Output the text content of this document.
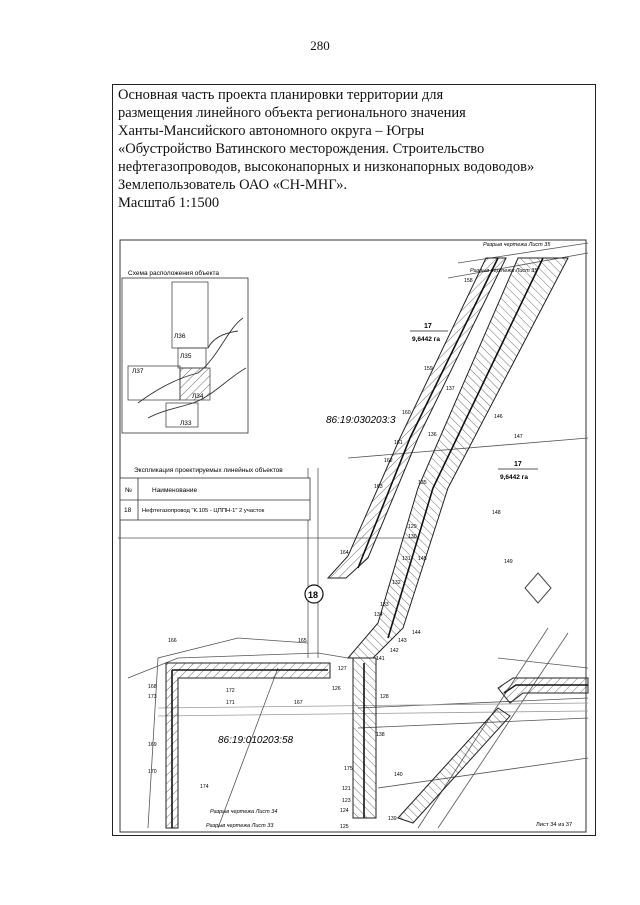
280
Основная часть проекта планировки территории для
размещения линейного объекта регионального значения
Ханты-Мансийского автономного округа – Югры
«Обустройство Ватинского месторождения. Строительство
нефтегазопроводов, высоконапорных и низконапорных водоводов»
Землепользователь ОАО «СН-МНГ».
Масштаб 1:1500
Схема расположения объекта
Л36
Л35
Л37
Л34
Л33
Экспликация проектируемых линейных объектов
№	Наименование
18 Нефтегазопровод "К.105 - ЦППН-1" 2 участок
17
9,6442 га
17
9,6442 га
86:19:030203:3
86:19:010203:58
18
Разрыв чертежа Лист 35
Разрыв чертежа Лист 35
Разрыв чертежа Лист 34
Разрыв чертежа Лист 33	Лист 34 из 37
158
159
160
161
162
163
164
165
166
167
168
169
170
171
172
173
174
175
121
123
124
125
126
127
128
129
130
131
132
133
134
135
136
137
138
139
140
141
142
143
144
145
146
147
148
149
